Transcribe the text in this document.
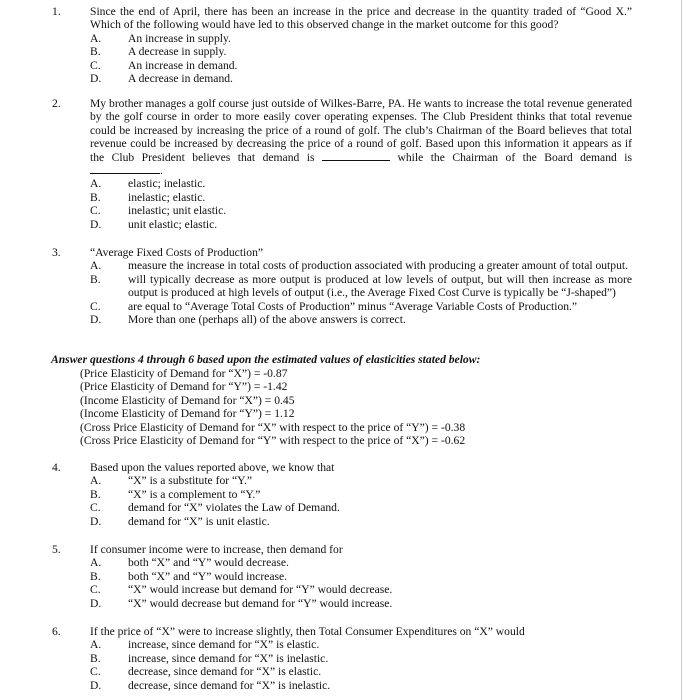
1.	Since the end of April, there has been an increase in the price and decrease in the quantity traded of “Good X.” Which of the following would have led to this observed change in the market outcome for this good?

A. An increase in supply.
B. A decrease in supply.
C. An increase in demand.
D. A decrease in demand.
2.	My brother manages a golf course just outside of Wilkes-Barre, PA. He wants to increase the total revenue generated by the golf course in order to more easily cover operating expenses. The Club President thinks that total revenue could be increased by increasing the price of a round of golf. The club’s Chairman of the Board believes that total revenue could be increased by decreasing the price of a round of golf. Based upon this information it appears as if the Club President believes that demand is	while the Chairman of the Board demand is .

A. elastic; inelastic.
B. inelastic; elastic.
C. inelastic; unit elastic.
D. unit elastic; elastic.
3.	“Average Fixed Costs of Production”

A. measure the increase in total costs of production associated with producing a greater amount of total output.
B. will typically decrease as more output is produced at low levels of output, but will then increase as more output is produced at high levels of output (i.e., the Average Fixed Cost Curve is typically be “J-shaped”)
C. are equal to “Average Total Costs of Production” minus “Average Variable Costs of Production.”
D. More than one (perhaps all) of the above answers is correct.
Answer questions 4 through 6 based upon the estimated values of elasticities stated below:
(Price Elasticity of Demand for “X”) = -0.87
(Price Elasticity of Demand for “Y”) = -1.42
(Income Elasticity of Demand for “X”) = 0.45
(Income Elasticity of Demand for “Y”) = 1.12
(Cross Price Elasticity of Demand for “X” with respect to the price of “Y”) = -0.38
(Cross Price Elasticity of Demand for “Y” with respect to the price of “X”) = -0.62
4.	Based upon the values reported above, we know that

A. “X” is a substitute for “Y.”
B. “X” is a complement to “Y.”
C. demand for “X” violates the Law of Demand.
D. demand for “X” is unit elastic.
5.	If consumer income were to increase, then demand for

A. both “X” and “Y” would decrease.
B. both “X” and “Y” would increase.
C. “X” would increase but demand for “Y” would decrease.
D. “X” would decrease but demand for “Y” would increase.
6.	If the price of “X” were to increase slightly, then Total Consumer Expenditures on “X” would

A. increase, since demand for “X” is elastic.
B. increase, since demand for “X” is inelastic.
C. decrease, since demand for “X” is elastic.
D. decrease, since demand for “X” is inelastic.
